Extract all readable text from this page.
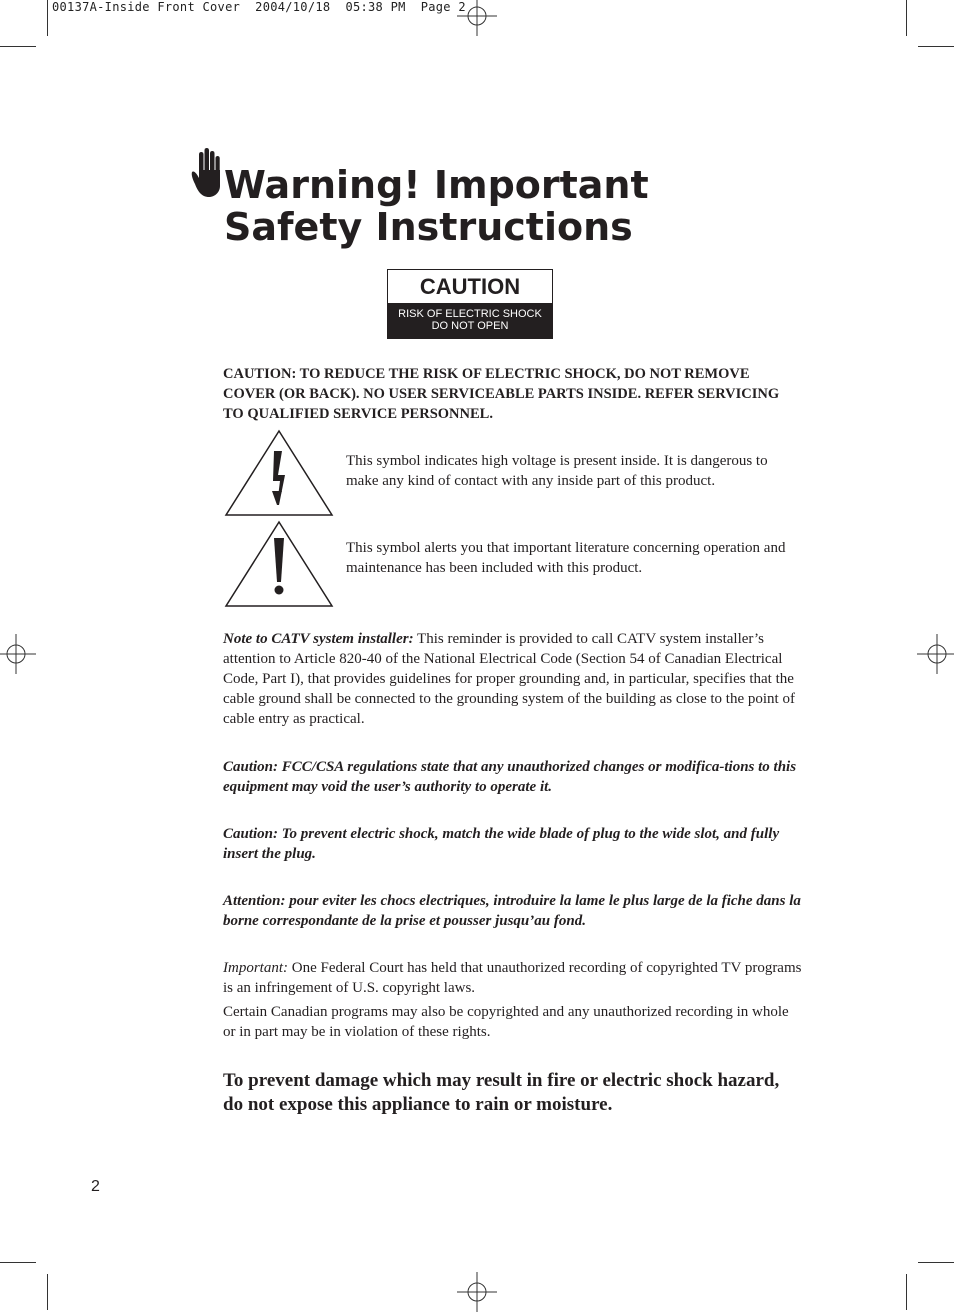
00137A-Inside Front Cover  2004/10/18  05:38 PM  Page 2
Warning! Important
Safety Instructions
CAUTION
RISK OF ELECTRIC SHOCK
DO NOT OPEN
CAUTION: TO REDUCE THE RISK OF ELECTRIC SHOCK, DO NOT REMOVE COVER (OR BACK). NO USER SERVICEABLE PARTS INSIDE. REFER SERVICING TO QUALIFIED SERVICE PERSONNEL.
This symbol indicates high voltage is present inside. It is dangerous to make any kind of contact with any inside part of this product.
This symbol alerts you that important literature concerning operation and maintenance has been included with this product.
Note to CATV system installer: This reminder is provided to call CATV system installer’s attention to Article 820-40 of the National Electrical Code (Section 54 of Canadian Electrical Code, Part I), that provides guidelines for proper grounding and, in particular, specifies that the cable ground shall be connected to the grounding system of the building as close to the point of cable entry as practical.
Caution: FCC/CSA regulations state that any unauthorized changes or modifica-tions to this equipment may void the user’s authority to operate it.
Caution: To prevent electric shock, match the wide blade of plug to the wide slot, and fully insert the plug.
Attention: pour eviter les chocs electriques, introduire la lame le plus large de la fiche dans la borne correspondante de la prise et pousser jusqu’au fond.
Important: One Federal Court has held that unauthorized recording of copyrighted TV programs is an infringement of U.S. copyright laws.
Certain Canadian programs may also be copyrighted and any unauthorized recording in whole or in part may be in violation of these rights.
To prevent damage which may result in fire or electric shock hazard, do not expose this appliance to rain or moisture.
2
